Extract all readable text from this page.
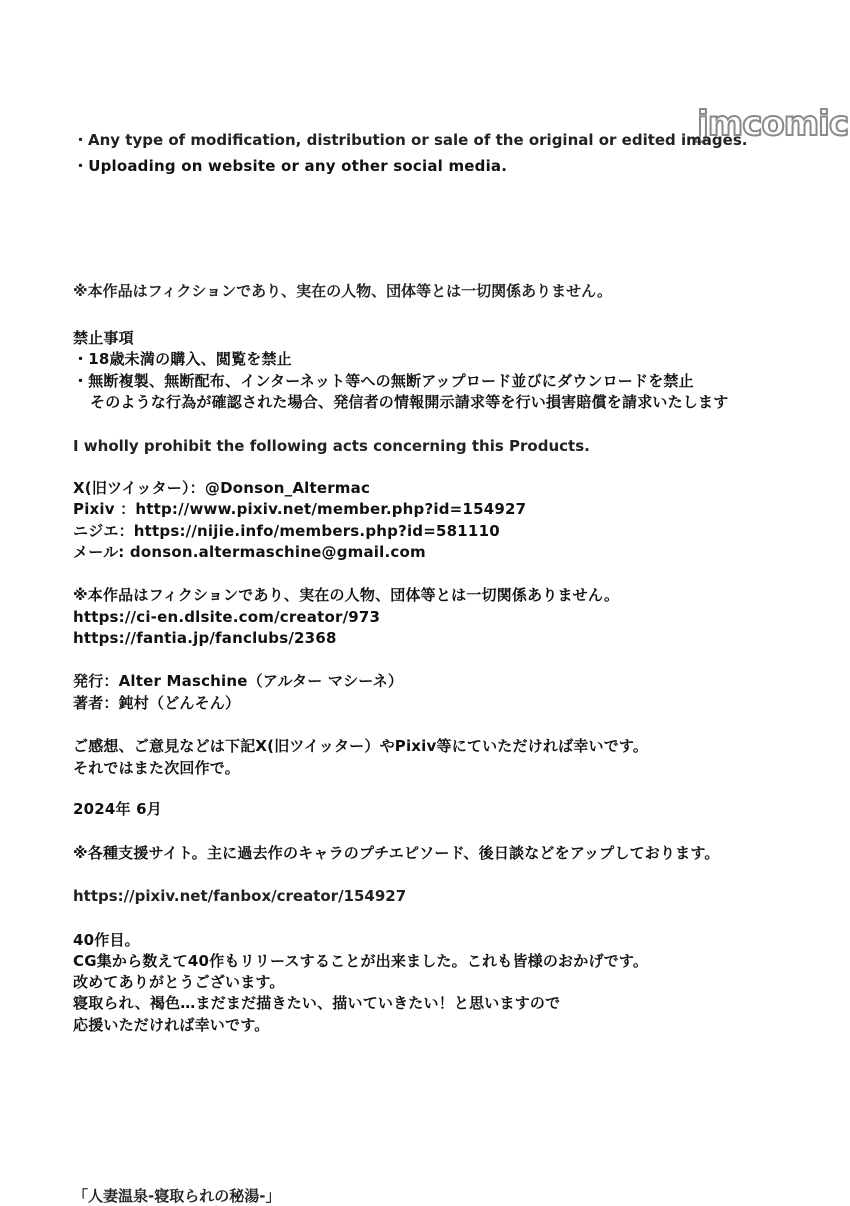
jmcomic
・Any type of modification, distribution or sale of the original or edited images.
・Uploading on website or any other social media.
※本作品はフィクションであり、実在の人物、団体等とは一切関係ありません。
禁止事項
・18歳未満の購入、閲覧を禁止
・無断複製、無断配布、インターネット等への無断アップロード並びにダウンロードを禁止
そのような行為が確認された場合、発信者の情報開示請求等を行い損害賠償を請求いたします
I wholly prohibit the following acts concerning this Products.
X(旧ツイッター）：@Donson_Altermac
Pixiv ：http://www.pixiv.net/member.php?id=154927
ニジエ：https://nijie.info/members.php?id=581110
メール: donson.altermaschine@gmail.com
※本作品はフィクションであり、実在の人物、団体等とは一切関係ありません。
https://ci-en.dlsite.com/creator/973
https://fantia.jp/fanclubs/2368
発行：Alter Maschine（アルター マシーネ）
著者：鈍村（どんそん）
ご感想、ご意見などは下記X(旧ツイッター）やPixiv等にていただければ幸いです。
それではまた次回作で。
2024年 6月
※各種支援サイト。主に過去作のキャラのプチエピソード、後日談などをアップしております。
https://pixiv.net/fanbox/creator/154927
40作目。
CG集から数えて40作もリリースすることが出来ました。これも皆様のおかげです。
改めてありがとうございます。
寝取られ、褐色…まだまだ描きたい、描いていきたい！と思いますので
応援いただければ幸いです。
「人妻温泉-寝取られの秘湯-」
